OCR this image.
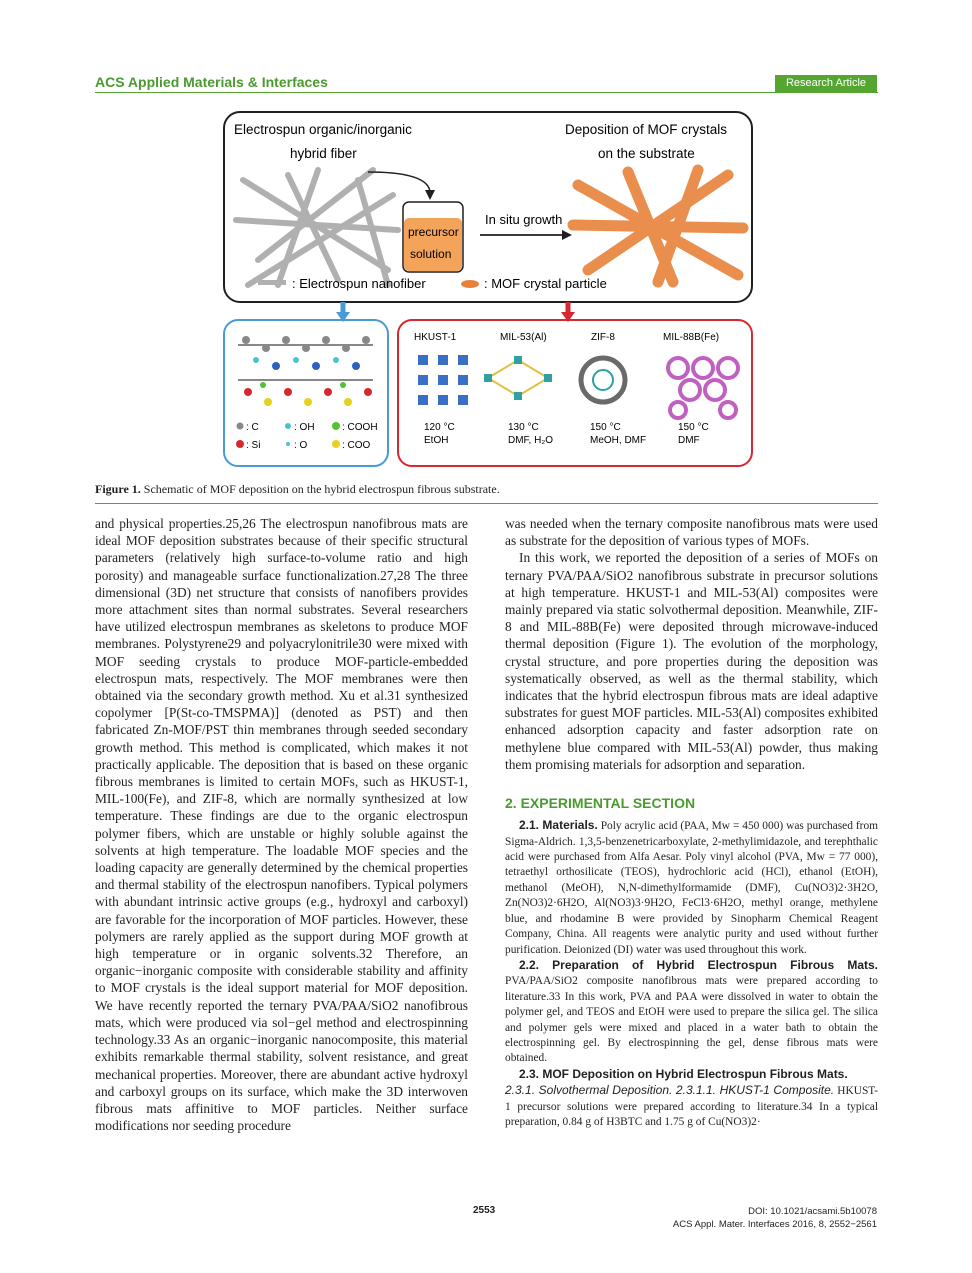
ACS Applied Materials & Interfaces	Research Article
Electrospun organic/inorganic
hybrid fiber
Deposition of MOF crystals
on the substrate
precursor
solution
In situ growth
: Electrospun nanofiber	: MOF crystal particle
: C	: OH	: COOH
: Si	: O	: COO
HKUST-1
120 °C
EtOH
MIL-53(Al)
130 °C
DMF, H₂O
ZIF-8
150 °C
MeOH, DMF
MIL-88B(Fe)
150 °C
DMF
Figure 1. Schematic of MOF deposition on the hybrid electrospun fibrous substrate.

and physical properties.25,26 The electrospun nanofibrous mats are ideal MOF deposition substrates because of their specific structural parameters (relatively high surface-to-volume ratio and high porosity) and manageable surface functionalization.27,28 The three dimensional (3D) net structure that consists of nanofibers provides more attachment sites than normal substrates. Several researchers have utilized electrospun membranes as skeletons to produce MOF membranes. Polystyrene29 and polyacrylonitrile30 were mixed with MOF seeding crystals to produce MOF-particle-embedded electrospun mats, respectively. The MOF membranes were then obtained via the secondary growth method. Xu et al.31 synthesized copolymer [P(St-co-TMSPMA)] (denoted as PST) and then fabricated Zn-MOF/PST thin membranes through seeded secondary growth method. This method is complicated, which makes it not practically applicable. The deposition that is based on these organic fibrous membranes is limited to certain MOFs, such as HKUST-1, MIL-100(Fe), and ZIF-8, which are normally synthesized at low temperature. These findings are due to the organic electrospun polymer fibers, which are unstable or highly soluble against the solvents at high temperature. The loadable MOF species and the loading capacity are generally determined by the chemical properties and thermal stability of the electrospun nanofibers. Typical polymers with abundant intrinsic active groups (e.g., hydroxyl and carboxyl) are favorable for the incorporation of MOF particles. However, these polymers are rarely applied as the support during MOF growth at high temperature or in organic solvents.32 Therefore, an organic−inorganic composite with considerable stability and affinity to MOF crystals is the ideal support material for MOF deposition. We have recently reported the ternary PVA/PAA/SiO2 nanofibrous mats, which were produced via sol−gel method and electrospinning technology.33 As an organic−inorganic nanocomposite, this material exhibits remarkable thermal stability, solvent resistance, and great mechanical properties. Moreover, there are abundant active hydroxyl and carboxyl groups on its surface, which make the 3D interwoven fibrous mats affinitive to MOF particles. Neither surface modifications nor seeding procedure

was needed when the ternary composite nanofibrous mats were used as substrate for the deposition of various types of MOFs.

In this work, we reported the deposition of a series of MOFs on ternary PVA/PAA/SiO2 nanofibrous substrate in precursor solutions at high temperature. HKUST-1 and MIL-53(Al) composites were mainly prepared via static solvothermal deposition. Meanwhile, ZIF-8 and MIL-88B(Fe) were deposited through microwave-induced thermal deposition (Figure 1). The evolution of the morphology, crystal structure, and pore properties during the deposition was systematically observed, as well as the thermal stability, which indicates that the hybrid electrospun fibrous mats are ideal adaptive substrates for guest MOF particles. MIL-53(Al) composites exhibited enhanced adsorption capacity and faster adsorption rate on methylene blue compared with MIL-53(Al) powder, thus making them promising materials for adsorption and separation.

2. EXPERIMENTAL SECTION

2.1. Materials. Poly acrylic acid (PAA, Mw = 450 000) was purchased from Sigma-Aldrich. 1,3,5-benzenetricarboxylate, 2-methylimidazole, and terephthalic acid were purchased from Alfa Aesar. Poly vinyl alcohol (PVA, Mw = 77 000), tetraethyl orthosilicate (TEOS), hydrochloric acid (HCl), ethanol (EtOH), methanol (MeOH), N,N-dimethylformamide (DMF), Cu(NO3)2·3H2O, Zn(NO3)2·6H2O, Al(NO3)3·9H2O, FeCl3·6H2O, methyl orange, methylene blue, and rhodamine B were provided by Sinopharm Chemical Reagent Company, China. All reagents were analytic purity and used without further purification. Deionized (DI) water was used throughout this work.

2.2. Preparation of Hybrid Electrospun Fibrous Mats. PVA/PAA/SiO2 composite nanofibrous mats were prepared according to literature.33 In this work, PVA and PAA were dissolved in water to obtain the polymer gel, and TEOS and EtOH were used to prepare the silica gel. The silica and polymer gels were mixed and placed in a water bath to obtain the electrospinning gel. By electrospinning the gel, dense fibrous mats were obtained.

2.3. MOF Deposition on Hybrid Electrospun Fibrous Mats.

2.3.1. Solvothermal Deposition. 2.3.1.1. HKUST-1 Composite. HKUST-1 precursor solutions were prepared according to literature.34 In a typical preparation, 0.84 g of H3BTC and 1.75 g of Cu(NO3)2·

2553	DOI: 10.1021/acsami.5b10078
ACS Appl. Mater. Interfaces 2016, 8, 2552−2561
